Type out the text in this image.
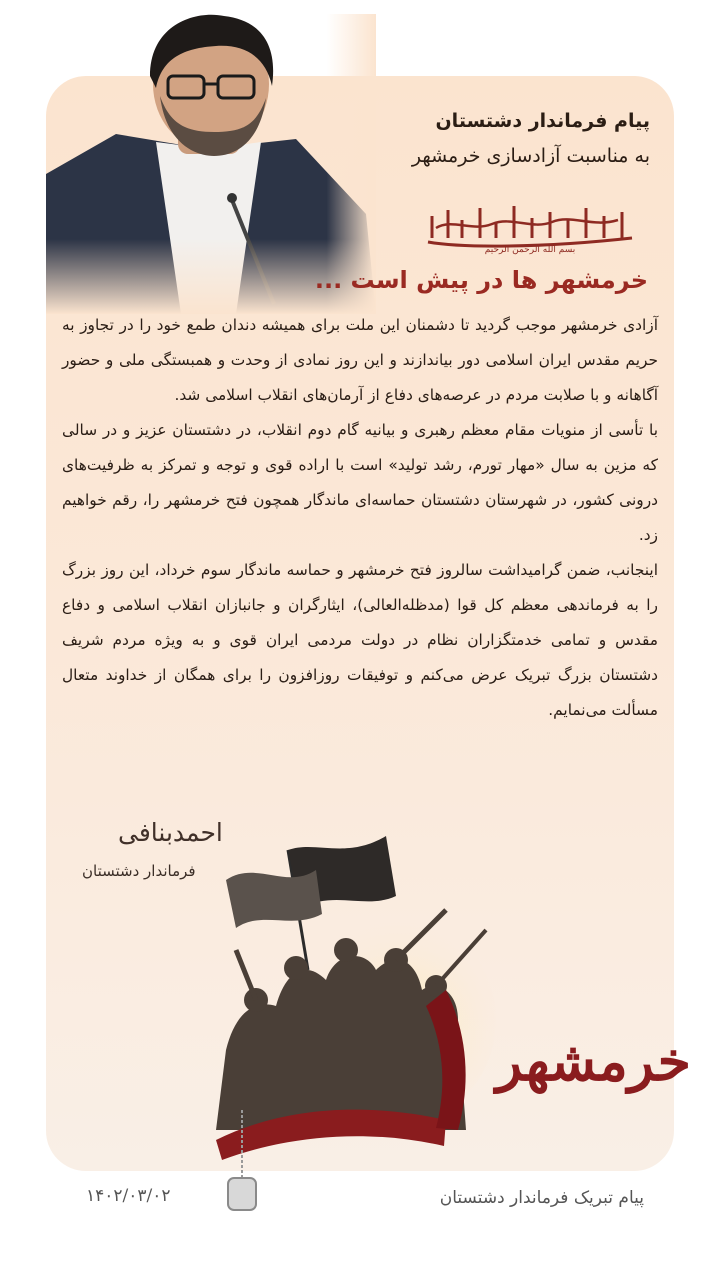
پیام فرماندار دشتستان

به مناسبت آزادسازی خرمشهر

بسم الله الرحمن الرحیم
خرمشهر ها در پیش است ...

آزادی خرمشهر موجب گردید تا دشمنان این ملت برای همیشه دندان طمع خود را در تجاوز به حریم مقدس ایران اسلامی دور بیاندازند و این روز نمادی از وحدت و همبستگی ملی و حضور آگاهانه و با صلابت مردم در عرصه‌های دفاع از آرمان‌های انقلاب اسلامی شد.

با تأسی از منویات مقام معظم رهبری و بیانیه گام دوم انقلاب، در دشتستان عزیز و در سالی که مزین به سال «مهار تورم، رشد تولید» است با اراده قوی و توجه و تمرکز به ظرفیت‌های درونی کشور، در شهرستان دشتستان حماسه‌ای ماندگار همچون فتح خرمشهر را، رقم خواهیم زد.

اینجانب، ضمن گرامیداشت سالروز فتح خرمشهر و حماسه ماندگار سوم خرداد، این روز بزرگ را به فرماندهی معظم کل قوا (مدظله‌العالی)، ایثارگران و جانبازان انقلاب اسلامی و دفاع مقدس و تمامی خدمتگزاران نظام در دولت مردمی ایران قوی و به ویژه مردم شریف دشتستان بزرگ تبریک عرض می‌کنم و توفیقات روزافزون را برای همگان از خداوند متعال مسألت می‌نمایم.

احمدبنافی

فرماندار دشتستان

خرمشهر

پیام تبریک فرماندار دشتستان

۱۴۰۲/۰۳/۰۲
